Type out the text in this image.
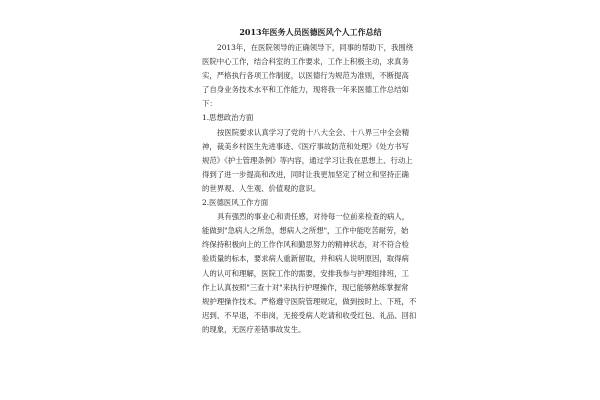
2013年医务人员医德医风个人工作总结
2013年，在医院领导的正确领导下，同事的帮助下，我围绕
医院中心工作，结合科室的工作要求，工作上积极主动，求真务
实，严格执行各项工作制度，以医德行为规范为准则，不断提高
了自身业务技术水平和工作能力，现将我一年来医德工作总结如
下：
1.思想政治方面
按医院要求认真学习了党的十八大全会、十八界三中全会精
神，裁美乡村医生先进事迹、《医疗事故防范和处理》《处方书写
规范》《护士管理条例》等内容，通过学习让我在思想上、行动上
得到了进一步提高和改进，同时让我更加坚定了树立和坚持正确
的世界观、人生观、价值观的意识。
2.医德医风工作方面
具有强烈的事业心和责任感，对待每一位前来检查的病人，
能做到"急病人之所急，想病人之所想"，工作中能吃苦耐劳，始
终保持积极向上的工作作风和勤思努力的精神状态，对不符合检
验质量的标本，要求病人重新留取，并和病人说明原因，取得病
人的认可和理解，医院工作的需要，安排我参与护理组排班，工
作上认真按照"三查十对"来执行护理操作，现已能够熟练掌握常
规护理操作技术。严格遵守医院管理规定，做到按时上、下班，不
迟到、不早退，不串岗，无接受病人吃请和收受红包、礼品、回扣
的现象，无医疗差错事故发生。
